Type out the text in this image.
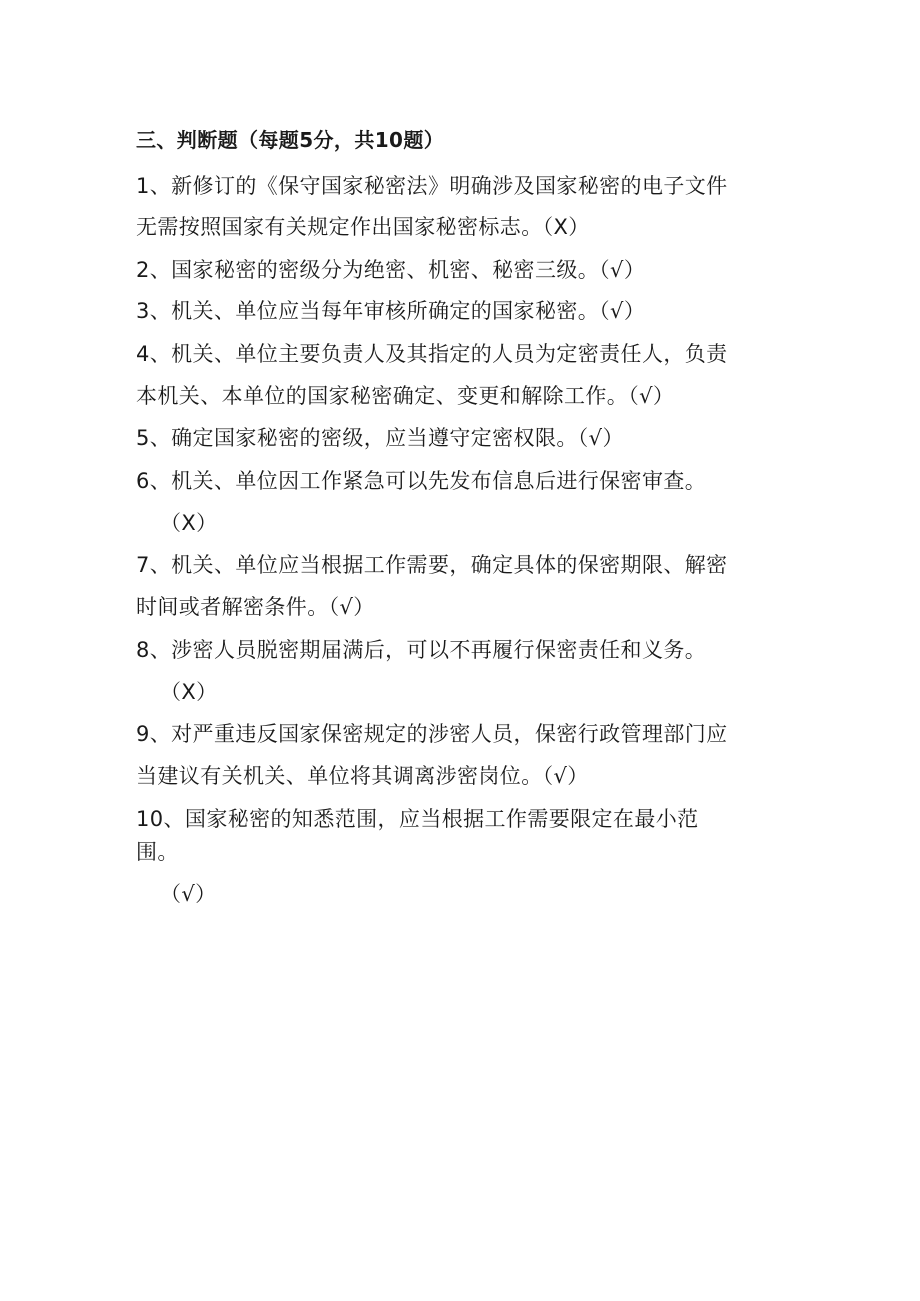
三、判断题（每题5分，共10题）
1、新修订的《保守国家秘密法》明确涉及国家秘密的电子文件
无需按照国家有关规定作出国家秘密标志。（X）
2、国家秘密的密级分为绝密、机密、秘密三级。（√）
3、机关、单位应当每年审核所确定的国家秘密。（√）
4、机关、单位主要负责人及其指定的人员为定密责任人，负责
本机关、本单位的国家秘密确定、变更和解除工作。（√）
5、确定国家秘密的密级，应当遵守定密权限。（√）
6、机关、单位因工作紧急可以先发布信息后进行保密审查。
（X）
7、机关、单位应当根据工作需要，确定具体的保密期限、解密
时间或者解密条件。（√）
8、涉密人员脱密期届满后，可以不再履行保密责任和义务。
（X）
9、对严重违反国家保密规定的涉密人员，保密行政管理部门应
当建议有关机关、单位将其调离涉密岗位。（√）
10、国家秘密的知悉范围，应当根据工作需要限定在最小范
围。
（√）
